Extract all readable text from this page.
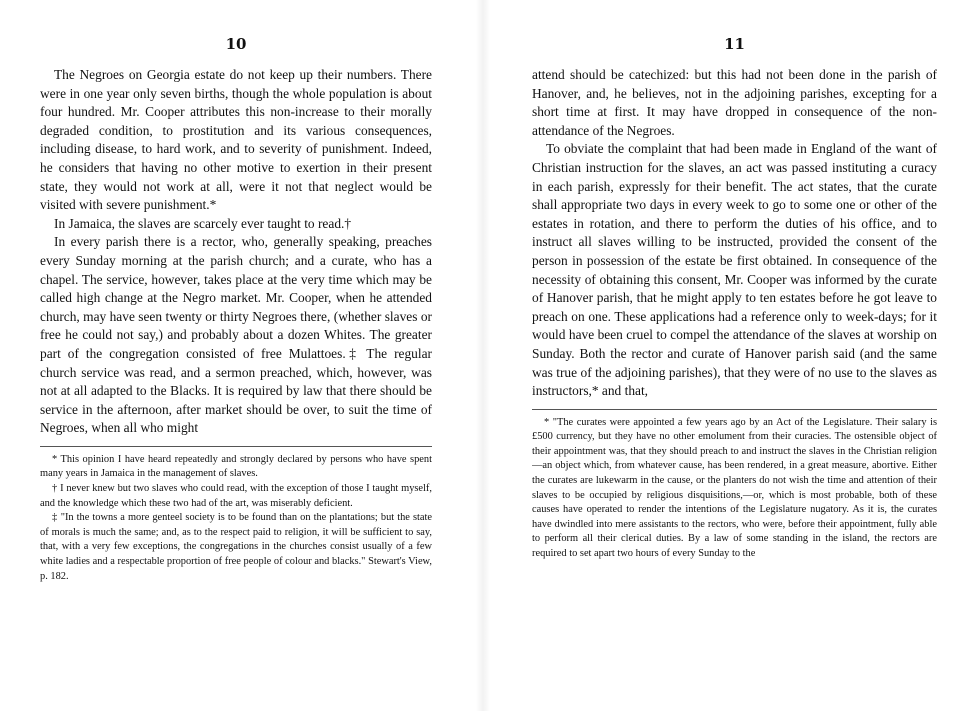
10

The Negroes on Georgia estate do not keep up their numbers. There were in one year only seven births, though the whole population is about four hundred. Mr. Cooper attributes this non-increase to their morally degraded condition, to prostitution and its various consequences, including disease, to hard work, and to severity of punishment. Indeed, he considers that having no other motive to exertion in their present state, they would not work at all, were it not that neglect would be visited with severe punishment.*

In Jamaica, the slaves are scarcely ever taught to read.†

In every parish there is a rector, who, generally speaking, preaches every Sunday morning at the parish church; and a curate, who has a chapel. The service, however, takes place at the very time which may be called high change at the Negro market. Mr. Cooper, when he attended church, may have seen twenty or thirty Negroes there, (whether slaves or free he could not say,) and probably about a dozen Whites. The greater part of the congregation consisted of free Mulattoes.‡ The regular church service was read, and a sermon preached, which, however, was not at all adapted to the Blacks. It is required by law that there should be service in the afternoon, after market should be over, to suit the time of Negroes, when all who might

* This opinion I have heard repeatedly and strongly declared by persons who have spent many years in Jamaica in the management of slaves.

† I never knew but two slaves who could read, with the exception of those I taught myself, and the knowledge which these two had of the art, was miserably deficient.

‡ "In the towns a more genteel society is to be found than on the plantations; but the state of morals is much the same; and, as to the respect paid to religion, it will be sufficient to say, that, with a very few exceptions, the congregations in the churches consist usually of a few white ladies and a respectable proportion of free people of colour and blacks." Stewart's View, p. 182.

11

attend should be catechized: but this had not been done in the parish of Hanover, and, he believes, not in the adjoining parishes, excepting for a short time at first. It may have dropped in consequence of the non-attendance of the Negroes.

To obviate the complaint that had been made in England of the want of Christian instruction for the slaves, an act was passed instituting a curacy in each parish, expressly for their benefit. The act states, that the curate shall appropriate two days in every week to go to some one or other of the estates in rotation, and there to perform the duties of his office, and to instruct all slaves willing to be instructed, provided the consent of the person in possession of the estate be first obtained. In consequence of the necessity of obtaining this consent, Mr. Cooper was informed by the curate of Hanover parish, that he might apply to ten estates before he got leave to preach on one. These applications had a reference only to week-days; for it would have been cruel to compel the attendance of the slaves at worship on Sunday. Both the rector and curate of Hanover parish said (and the same was true of the adjoining parishes), that they were of no use to the slaves as instructors,* and that,

* "The curates were appointed a few years ago by an Act of the Legislature. Their salary is £500 currency, but they have no other emolument from their curacies. The ostensible object of their appointment was, that they should preach to and instruct the slaves in the Christian religion—an object which, from whatever cause, has been rendered, in a great measure, abortive. Either the curates are lukewarm in the cause, or the planters do not wish the time and attention of their slaves to be occupied by religious disquisitions,—or, which is most probable, both of these causes have operated to render the intentions of the Legislature nugatory. As it is, the curates have dwindled into mere assistants to the rectors, who were, before their appointment, fully able to perform all their clerical duties. By a law of some standing in the island, the rectors are required to set apart two hours of every Sunday to the
